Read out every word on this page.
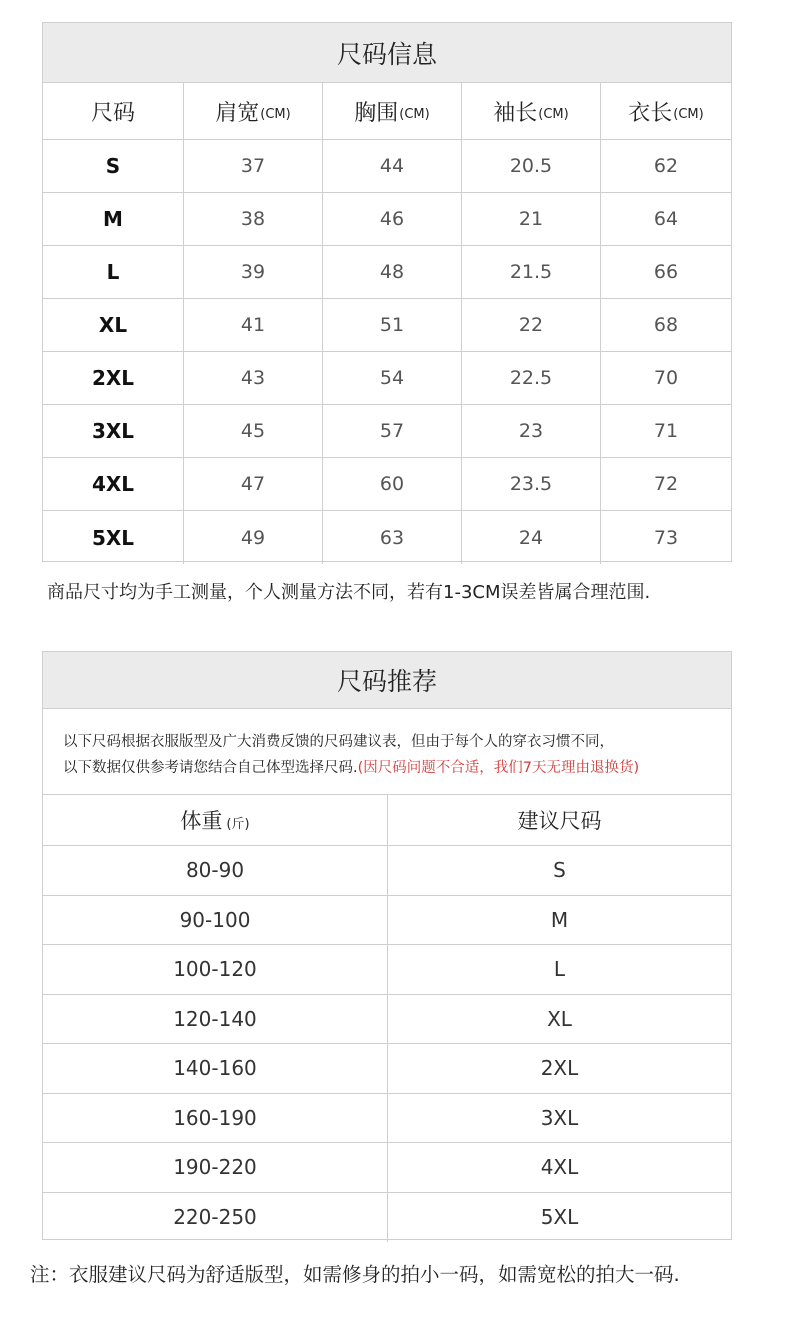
尺码信息
尺码	肩宽 (CM)	胸围 (CM)	袖长 (CM)	衣长 (CM)
S	37	44	20.5	62
M	38	46	21	64
L	39	48	21.5	66
XL	41	51	22	68
2XL	43	54	22.5	70
3XL	45	57	23	71
4XL	47	60	23.5	72
5XL	49	63	24	73
商品尺寸均为手工测量，个人测量方法不同，若有1-3CM误差皆属合理范围.
尺码推荐
以下尺码根据衣服版型及广大消费反馈的尺码建议表，但由于每个人的穿衣习惯不同，
以下数据仅供参考请您结合自己体型选择尺码.(因尺码问题不合适，我们7天无理由退换货)
体重 (斤)	建议尺码
80-90	S
90-100	M
100-120	L
120-140	XL
140-160	2XL
160-190	3XL
190-220	4XL
220-250	5XL
注：衣服建议尺码为舒适版型，如需修身的拍小一码，如需宽松的拍大一码.
